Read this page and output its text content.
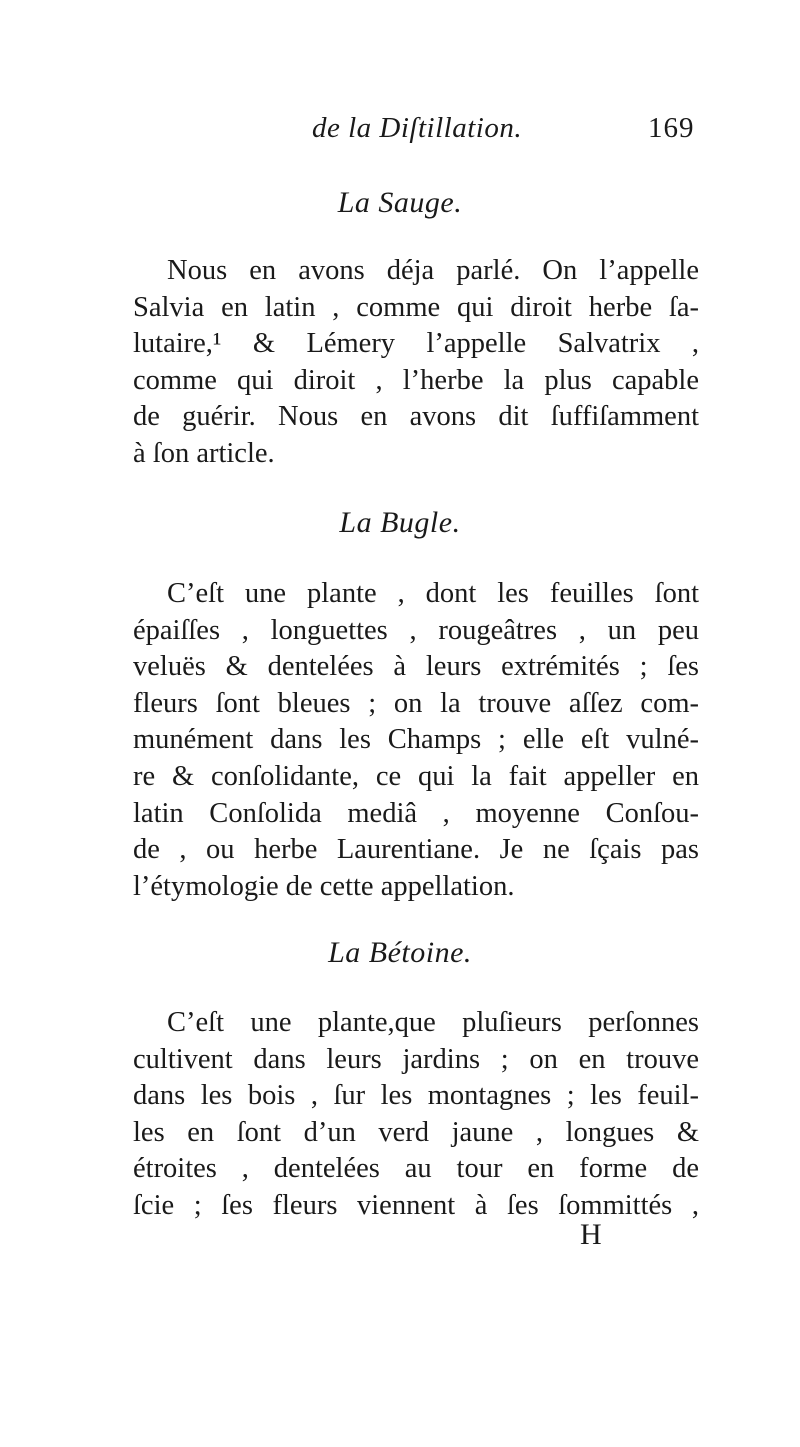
de la Diſtillation.	169
La Sauge.
Nous en avons déja parlé. On l’appelle
Salvia en latin , comme qui diroit herbe ſa-
lutaire,¹ & Lémery l’appelle Salvatrix ,
comme qui diroit , l’herbe la plus capable
de guérir. Nous en avons dit ſuffiſamment
à ſon article.
La Bugle.
C’eſt une plante , dont les feuilles ſont
épaiſſes , longuettes , rougeâtres , un peu
veluës & dentelées à leurs extrémités ; ſes
fleurs ſont bleues ; on la trouve aſſez com-
munément dans les Champs ; elle eſt vulné-
re & conſolidante, ce qui la fait appeller en
latin Conſolida mediâ , moyenne Conſou-
de , ou herbe Laurentiane. Je ne ſçais pas
l’étymologie de cette appellation.
La Bétoine.
C’eſt une plante,que pluſieurs perſonnes
cultivent dans leurs jardins ; on en trouve
dans les bois , ſur les montagnes ; les feuil-
les en ſont d’un verd jaune , longues &
étroites , dentelées au tour en forme de
ſcie ; ſes fleurs viennent à ſes ſommittés ,
H
